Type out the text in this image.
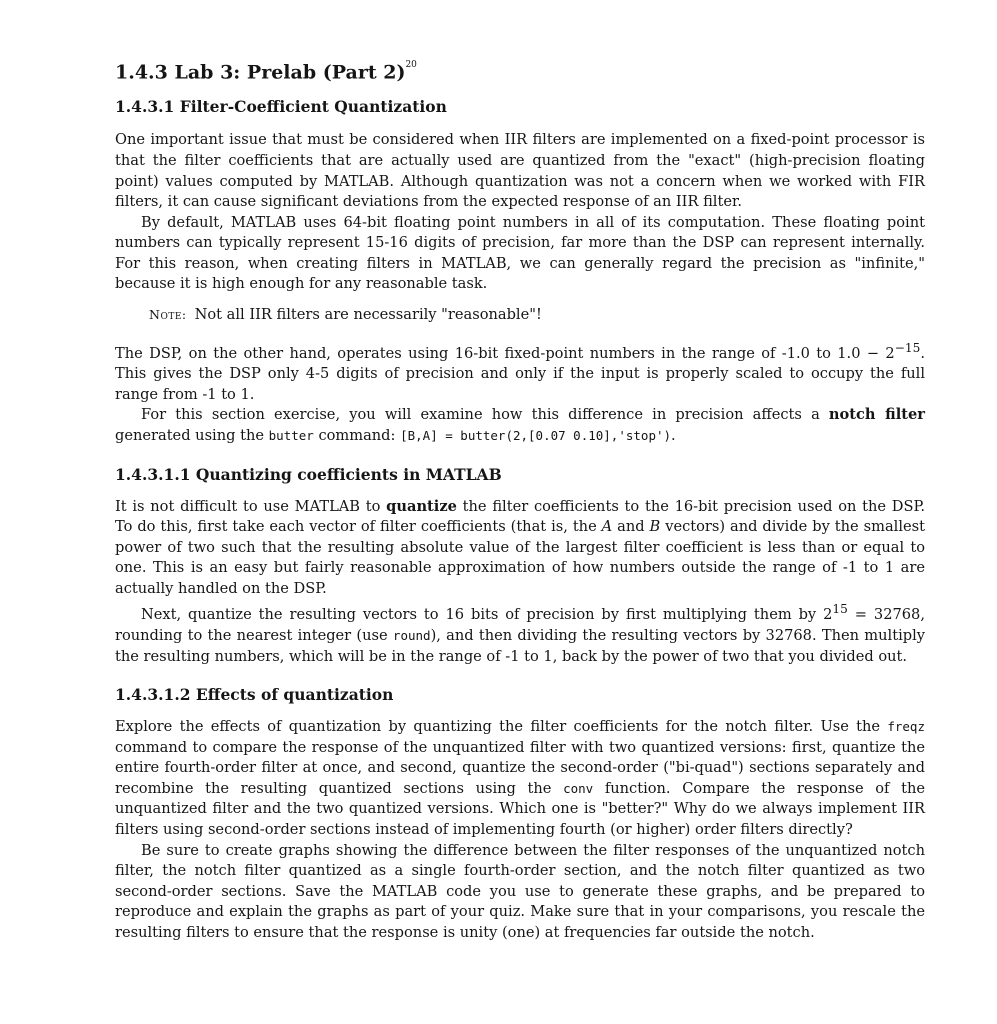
1.4.3 Lab 3: Prelab (Part 2)$^{20}$
1.4.3.1 Filter-Coefficient Quantization

One important issue that must be considered when IIR filters are implemented on a fixed-point processor is that the filter coefficients that are actually used are quantized from the "exact" (high-precision floating point) values computed by MATLAB. Although quantization was not a concern when we worked with FIR filters, it can cause significant deviations from the expected response of an IIR filter.

By default, MATLAB uses 64-bit floating point numbers in all of its computation. These floating point numbers can typically represent 15-16 digits of precision, far more than the DSP can represent internally. For this reason, when creating filters in MATLAB, we can generally regard the precision as "infinite," because it is high enough for any reasonable task.

Note: Not all IIR filters are necessarily "reasonable"!

The DSP, on the other hand, operates using 16-bit fixed-point numbers in the range of -1.0 to $1.0 - 2^{-15}$. This gives the DSP only 4-5 digits of precision and only if the input is properly scaled to occupy the full range from -1 to 1.

For this section exercise, you will examine how this difference in precision affects a notch filter generated using the butter command: [B,A] = butter(2,[0.07 0.10],'stop').

1.4.3.1.1 Quantizing coefficients in MATLAB

It is not difficult to use MATLAB to quantize the filter coefficients to the 16-bit precision used on the DSP. To do this, first take each vector of filter coefficients (that is, the A and B vectors) and divide by the smallest power of two such that the resulting absolute value of the largest filter coefficient is less than or equal to one. This is an easy but fairly reasonable approximation of how numbers outside the range of -1 to 1 are actually handled on the DSP.

Next, quantize the resulting vectors to 16 bits of precision by first multiplying them by $2^{15} = 32768$, rounding to the nearest integer (use round), and then dividing the resulting vectors by 32768. Then multiply the resulting numbers, which will be in the range of -1 to 1, back by the power of two that you divided out.

1.4.3.1.2 Effects of quantization

Explore the effects of quantization by quantizing the filter coefficients for the notch filter. Use the freqz command to compare the response of the unquantized filter with two quantized versions: first, quantize the entire fourth-order filter at once, and second, quantize the second-order ("bi-quad") sections separately and recombine the resulting quantized sections using the conv function. Compare the response of the unquantized filter and the two quantized versions. Which one is "better?" Why do we always implement IIR filters using second-order sections instead of implementing fourth (or higher) order filters directly?

Be sure to create graphs showing the difference between the filter responses of the unquantized notch filter, the notch filter quantized as a single fourth-order section, and the notch filter quantized as two second-order sections. Save the MATLAB code you use to generate these graphs, and be prepared to reproduce and explain the graphs as part of your quiz. Make sure that in your comparisons, you rescale the resulting filters to ensure that the response is unity (one) at frequencies far outside the notch.
